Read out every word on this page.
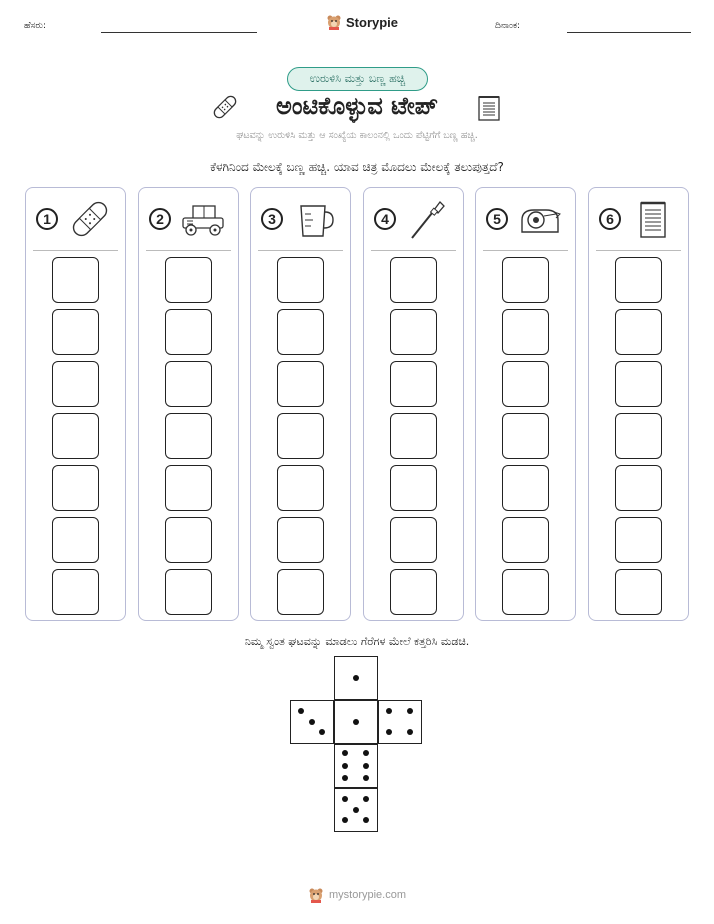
ಹೆಸರು:	Storypie	ದಿನಾಂಕ:
ಉರುಳಿಸಿ ಮತ್ತು ಬಣ್ಣ ಹಚ್ಚಿ
ಅಂಟಿಕೊಳ್ಳುವ ಟೇಪ್
ಘಟವನ್ನು ಉರುಳಿಸಿ ಮತ್ತು ಆ ಸಂಖ್ಯೆಯ ಕಾಲಂನಲ್ಲಿ ಒಂದು ಪೆಟ್ಟಿಗೆಗೆ ಬಣ್ಣ ಹಚ್ಚಿ.
ಕೆಳಗಿನಿಂದ ಮೇಲಕ್ಕೆ ಬಣ್ಣ ಹಚ್ಚಿ. ಯಾವ ಚಿತ್ರ ಮೊದಲು ಮೇಲಕ್ಕೆ ತಲುಪುತ್ತದೆ?
1	2	3	4	5	6
ನಿಮ್ಮ ಸ್ವಂತ ಘಟವನ್ನು ಮಾಡಲು ಗೆರೆಗಳ ಮೇಲೆ ಕತ್ತರಿಸಿ ಮಡಚಿ.
mystorypie.com
